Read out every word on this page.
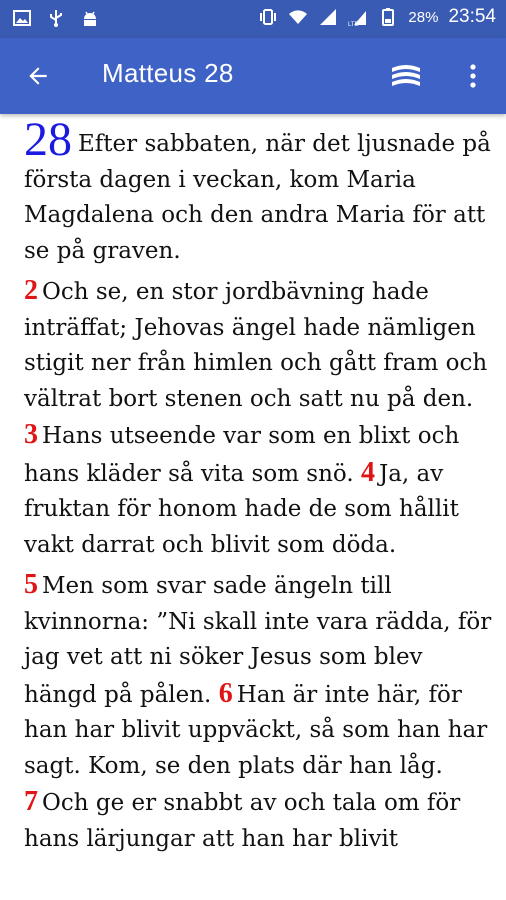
LTE	28% 23:54
Matteus 28

28 Efter sabbaten, när det ljusnade på första dagen i veckan, kom Maria Magdalena och den andra Maria för att se på graven.

2 Och se, en stor jordbävning hade inträffat; Jehovas ängel hade nämligen stigit ner från himlen och gått fram och vältrat bort stenen och satt nu på den. 3 Hans utseende var som en blixt och hans kläder så vita som snö. 4 Ja, av fruktan för honom hade de som hållit vakt darrat och blivit som döda.

5 Men som svar sade ängeln till kvinnorna: ”Ni skall inte vara rädda, för jag vet att ni söker Jesus som blev hängd på pålen. 6 Han är inte här, för han har blivit uppväckt, så som han har sagt. Kom, se den plats där han låg. 7 Och ge er snabbt av och tala om för hans lärjungar att han har blivit
